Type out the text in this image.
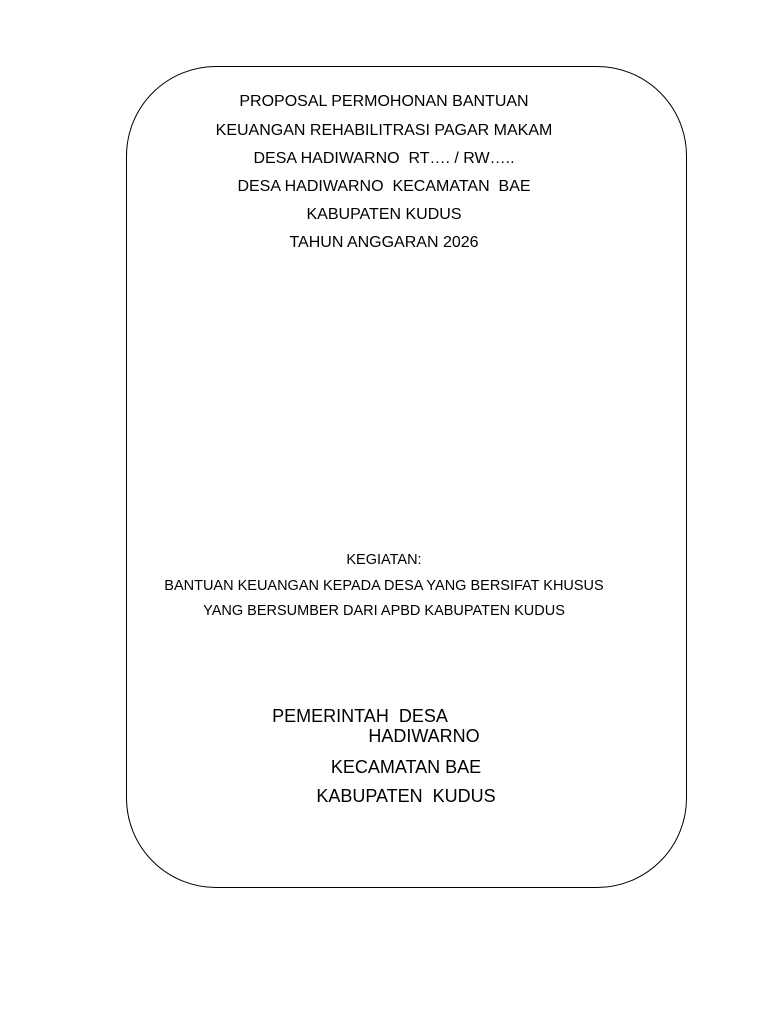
PROPOSAL PERMOHONAN BANTUAN
KEUANGAN REHABILITRASI PAGAR MAKAM
DESA HADIWARNO  RT…. / RW…..
DESA HADIWARNO  KECAMATAN  BAE
KABUPATEN KUDUS
TAHUN ANGGARAN 2026
KEGIATAN:
BANTUAN KEUANGAN KEPADA DESA YANG BERSIFAT KHUSUS
YANG BERSUMBER DARI APBD KABUPATEN KUDUS
PEMERINTAH  DESA
HADIWARNO
KECAMATAN BAE
KABUPATEN  KUDUS
